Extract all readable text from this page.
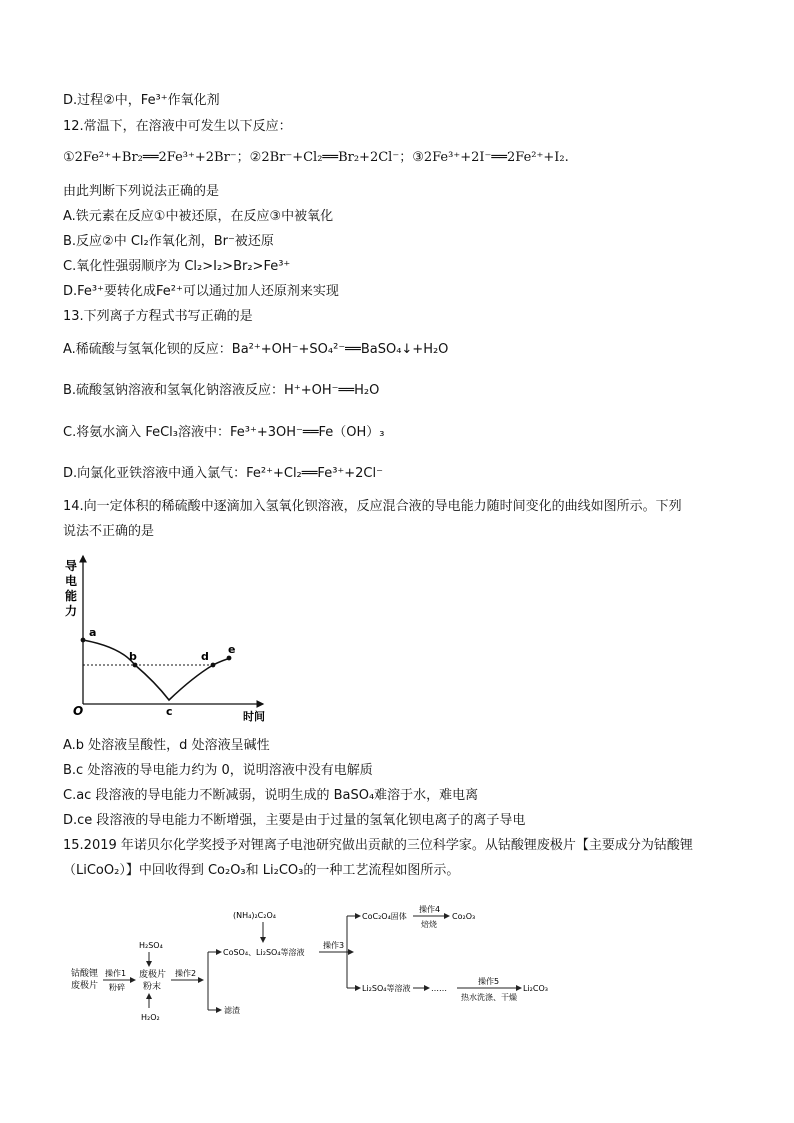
D.过程②中，Fe³⁺作氧化剂
12.常温下，在溶液中可发生以下反应：
①2Fe²⁺+Br₂══2Fe³⁺+2Br⁻；②2Br⁻+Cl₂══Br₂+2Cl⁻；③2Fe³⁺+2I⁻══2Fe²⁺+I₂.
由此判断下列说法正确的是
A.铁元素在反应①中被还原，在反应③中被氧化
B.反应②中 Cl₂作氧化剂，Br⁻被还原
C.氧化性强弱顺序为 Cl₂>I₂>Br₂>Fe³⁺
D.Fe³⁺要转化成Fe²⁺可以通过加人还原剂来实现
13.下列离子方程式书写正确的是
A.稀硫酸与氢氧化钡的反应：Ba²⁺+OH⁻+SO₄²⁻══BaSO₄↓+H₂O
B.硫酸氢钠溶液和氢氧化钠溶液反应：H⁺+OH⁻══H₂O
C.将氨水滴入 FeCl₃溶液中：Fe³⁺+3OH⁻══Fe（OH）₃
D.向氯化亚铁溶液中通入氯气：Fe²⁺+Cl₂══Fe³⁺+2Cl⁻
14.向一定体积的稀硫酸中逐滴加入氢氧化钡溶液，反应混合液的导电能力随时间变化的曲线如图所示。下列
说法不正确的是
导
电
能
力
a
b
c
d
e
O	时间
A.b 处溶液呈酸性，d 处溶液呈碱性
B.c 处溶液的导电能力约为 0，说明溶液中没有电解质
C.ac 段溶液的导电能力不断减弱，说明生成的 BaSO₄难溶于水，难电离
D.ce 段溶液的导电能力不断增强，主要是由于过量的氢氧化钡电离子的离子导电
15.2019 年诺贝尔化学奖授予对锂离子电池研究做出贡献的三位科学家。从钴酸锂废极片【主要成分为钴酸锂
（LiCoO₂）】中回收得到 Co₂O₃和 Li₂CO₃的一种工艺流程如图所示。
钴酸锂
废极片
操作1
粉碎
H₂SO₄
废极片
粉末
H₂O₂
操作2
滤渣
(NH₄)₂C₂O₄
CoSO₄、Li₂SO₄等溶液
操作3
CoC₂O₄固体
操作4
焙烧
Co₂O₃
Li₂SO₄等溶液	……
操作5
热水洗涤、干燥
Li₂CO₃
